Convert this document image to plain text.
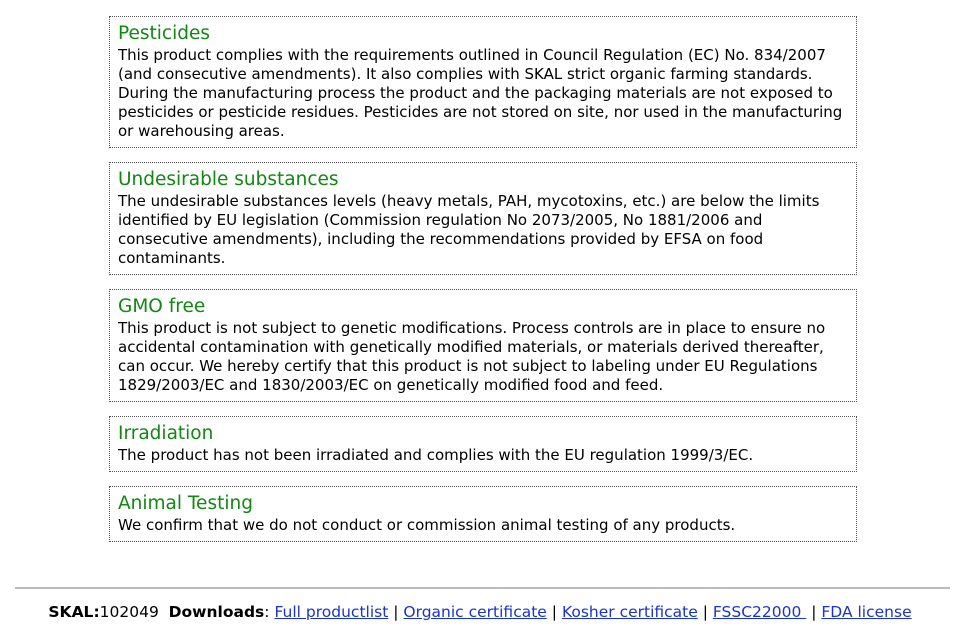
Pesticides

This product complies with the requirements outlined in Council Regulation (EC) No. 834/2007 (and consecutive amendments). It also complies with SKAL strict organic farming standards. During the manufacturing process the product and the packaging materials are not exposed to pesticides or pesticide residues. Pesticides are not stored on site, nor used in the manufacturing or warehousing areas.

Undesirable substances

The undesirable substances levels (heavy metals, PAH, mycotoxins, etc.) are below the limits identified by EU legislation (Commission regulation No 2073/2005, No 1881/2006 and consecutive amendments), including the recommendations provided by EFSA on food contaminants.

GMO free

This product is not subject to genetic modifications. Process controls are in place to ensure no accidental contamination with genetically modified materials, or materials derived thereafter, can occur. We hereby certify that this product is not subject to labeling under EU Regulations 1829/2003/EC and 1830/2003/EC on genetically modified food and feed.

Irradiation

The product has not been irradiated and complies with the EU regulation 1999/3/EC.

Animal Testing

We confirm that we do not conduct or commission animal testing of any products.

SKAL:102049 Downloads: Full productlist | Organic certificate | Kosher certificate | FSSC22000  | FDA license
